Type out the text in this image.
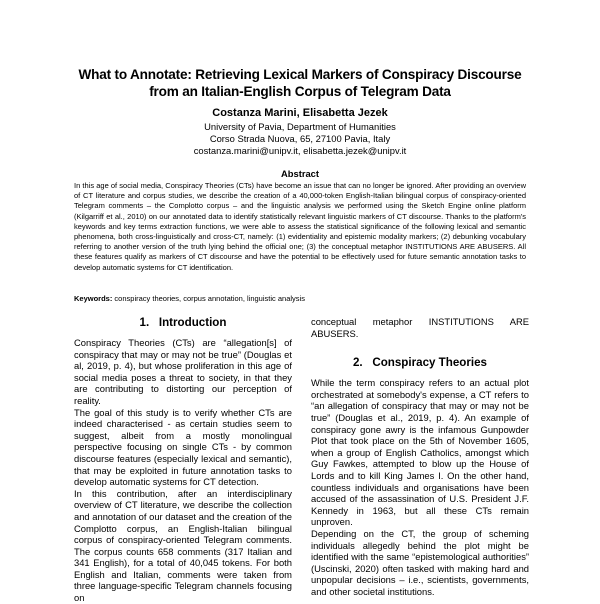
What to Annotate: Retrieving Lexical Markers of Conspiracy Discourse
from an Italian-English Corpus of Telegram Data
Costanza Marini, Elisabetta Jezek
University of Pavia, Department of Humanities
Corso Strada Nuova, 65, 27100 Pavia, Italy
costanza.marini@unipv.it, elisabetta.jezek@unipv.it
Abstract
In this age of social media, Conspiracy Theories (CTs) have become an issue that can no longer be ignored. After providing an overview of CT literature and corpus studies, we describe the creation of a 40,000-token English-Italian bilingual corpus of conspiracy-oriented Telegram comments – the Complotto corpus – and the linguistic analysis we performed using the Sketch Engine online platform (Kilgarriff et al., 2010) on our annotated data to identify statistically relevant linguistic markers of CT discourse. Thanks to the platform's keywords and key terms extraction functions, we were able to assess the statistical significance of the following lexical and semantic phenomena, both cross-linguistically and cross-CT, namely: (1) evidentiality and epistemic modality markers; (2) debunking vocabulary referring to another version of the truth lying behind the official one; (3) the conceptual metaphor INSTITUTIONS ARE ABUSERS. All these features qualify as markers of CT discourse and have the potential to be effectively used for future semantic annotation tasks to develop automatic systems for CT identification.
Keywords: conspiracy theories, corpus annotation, linguistic analysis
1.   Introduction

Conspiracy Theories (CTs) are “allegation[s] of conspiracy that may or may not be true” (Douglas et al, 2019, p. 4), but whose proliferation in this age of social media poses a threat to society, in that they are contributing to distorting our perception of reality.

The goal of this study is to verify whether CTs are indeed characterised - as certain studies seem to suggest, albeit from a mostly monolingual perspective focusing on single CTs - by common discourse features (especially lexical and semantic), that may be exploited in future annotation tasks to develop automatic systems for CT detection.

In this contribution, after an interdisciplinary overview of CT literature, we describe the collection and annotation of our dataset and the creation of the Complotto corpus, an English-Italian bilingual corpus of conspiracy-oriented Telegram comments. The corpus counts 658 comments (317 Italian and 341 English), for a total of 40,045 tokens. For both English and Italian, comments were taken from three language-specific Telegram channels focusing on

conceptual metaphor INSTITUTIONS ARE ABUSERS.

2.   Conspiracy Theories

While the term conspiracy refers to an actual plot orchestrated at somebody's expense, a CT refers to “an allegation of conspiracy that may or may not be true” (Douglas et al., 2019, p. 4). An example of conspiracy gone awry is the infamous Gunpowder Plot that took place on the 5th of November 1605, when a group of English Catholics, amongst which Guy Fawkes, attempted to blow up the House of Lords and to kill King James I. On the other hand, countless individuals and organisations have been accused of the assassination of U.S. President J.F. Kennedy in 1963, but all these CTs remain unproven.

Depending on the CT, the group of scheming individuals allegedly behind the plot might be identified with the same “epistemological authorities” (Uscinski, 2020) often tasked with making hard and unpopular decisions – i.e., scientists, governments, and other societal institutions.
